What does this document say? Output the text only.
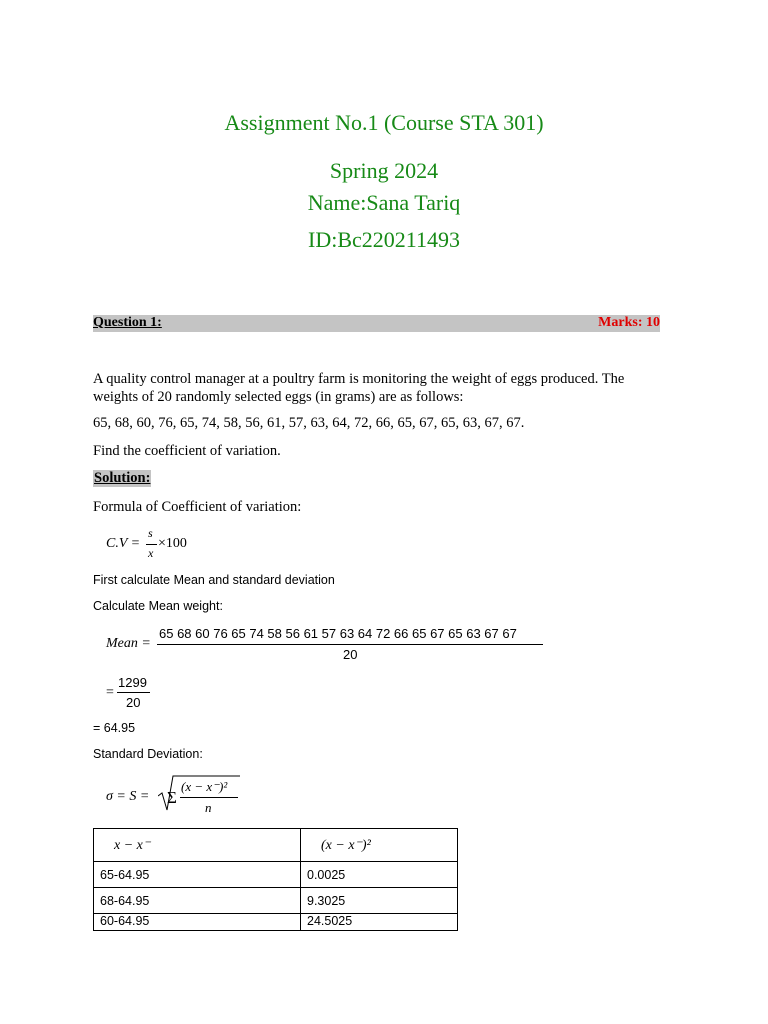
Assignment No.1 (Course STA 301)
Spring 2024
Name:Sana Tariq
ID:Bc220211493
Question 1:	Marks: 10
A quality control manager at a poultry farm is monitoring the weight of eggs produced. The weights of 20 randomly selected eggs (in grams) are as follows:
65, 68, 60, 76, 65, 74, 58, 56, 61, 57, 63, 64, 72, 66, 65, 67, 65, 63, 67, 67.
Find the coefficient of variation.
Solution:
Formula of Coefficient of variation:
C.V =
s
x
×100
First calculate Mean and standard deviation
Calculate Mean weight:
Mean =
65 68 60 76 65 74 58 56 61 57 63 64 72 66 65 67 65 63 67 67
20
=
1299
20
= 64.95
Standard Deviation:
σ = S = Σ
(x − x⁻)²
n
x − x⁻	(x − x⁻)²
65-64.95	0.0025
68-64.95	9.3025
60-64.95	24.5025
